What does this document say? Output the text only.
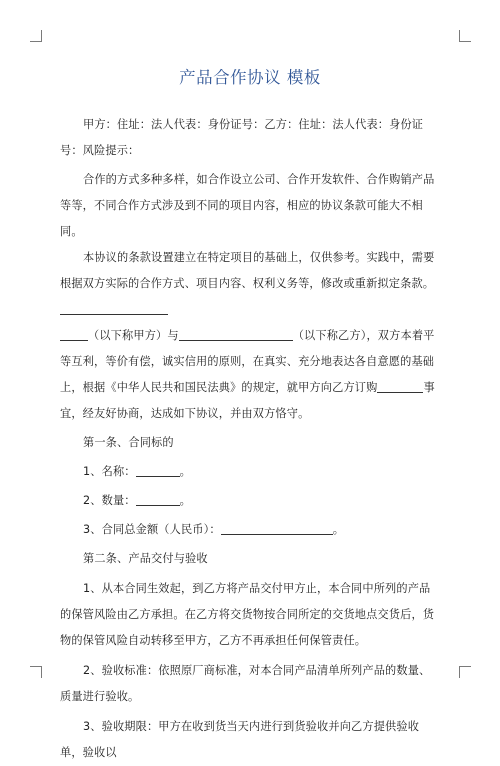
产品合作协议 模板

甲方：住址：法人代表：身份证号：乙方：住址：法人代表：身份证号：风险提示：

合作的方式多种多样，如合作设立公司、合作开发软件、合作购销产品等等，不同合作方式涉及到不同的项目内容，相应的协议条款可能大不相同。

本协议的条款设置建立在特定项目的基础上，仅供参考。实践中，需要根据双方实际的合作方式、项目内容、权利义务等，修改或重新拟定条款。

（以下称甲方）与	（以下称乙方），双方本着平等互利，等价有偿，诚实信用的原则，在真实、充分地表达各自意愿的基础上，根据《中华人民共和国民法典》的规定，就甲方向乙方订购	事宜，经友好协商，达成如下协议，并由双方恪守。

第一条、合同标的

1、名称：	。

2、数量：	。

3、合同总金额（人民币）：	。

第二条、产品交付与验收

1、从本合同生效起，到乙方将产品交付甲方止，本合同中所列的产品的保管风险由乙方承担。在乙方将交货物按合同所定的交货地点交货后，货物的保管风险自动转移至甲方，乙方不再承担任何保管责任。

2、验收标准：依照原厂商标准，对本合同产品清单所列产品的数量、质量进行验收。

3、验收期限：甲方在收到货当天内进行到货验收并向乙方提供验收单，验收以
